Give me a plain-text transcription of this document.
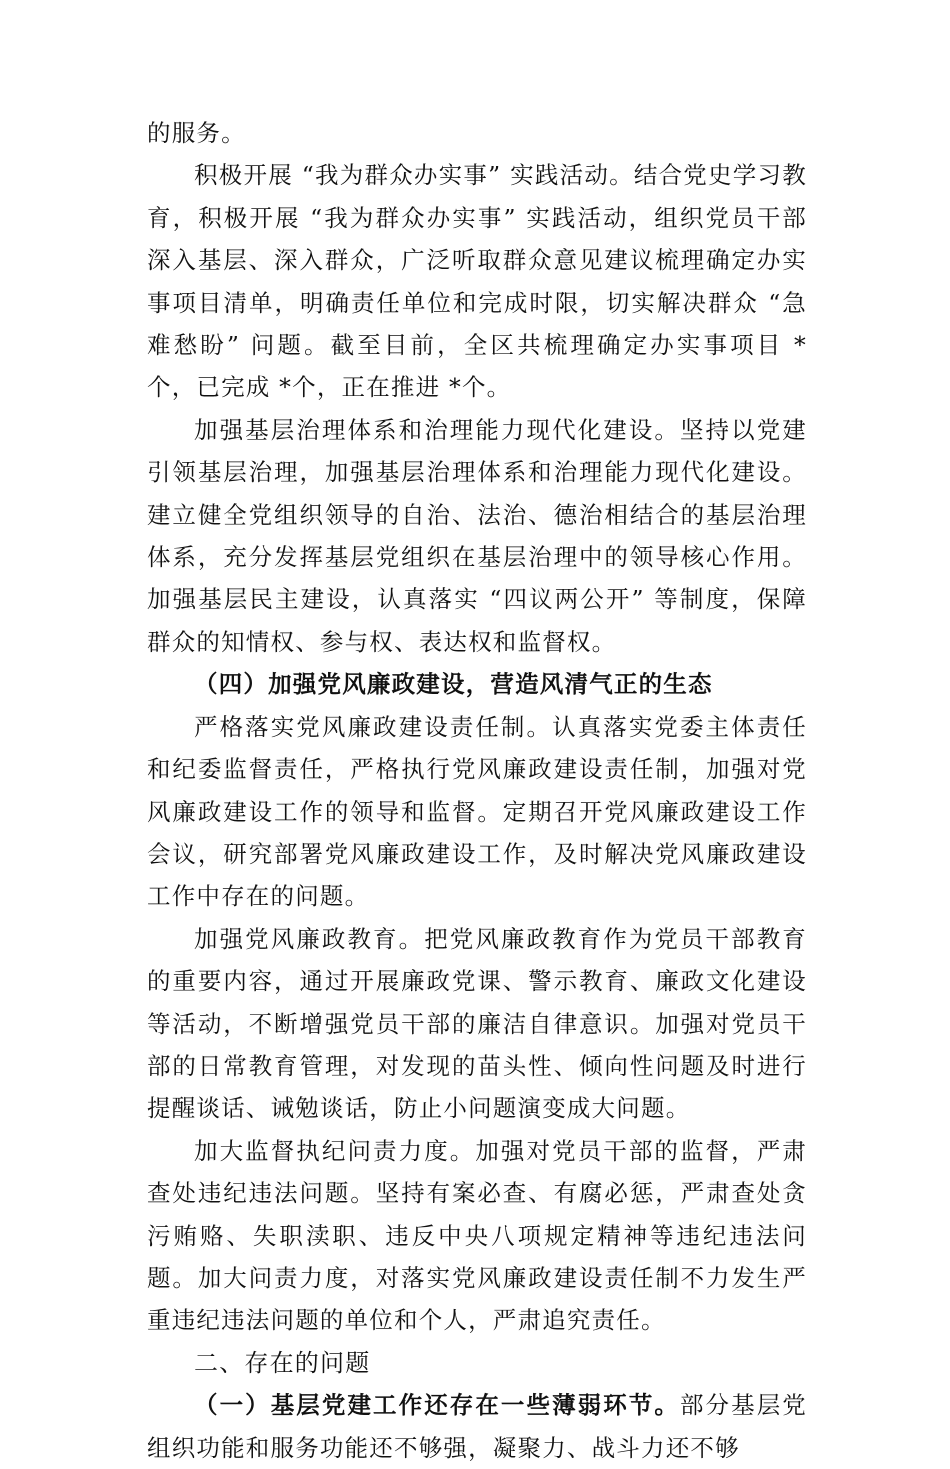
的服务。

积极开展 “我为群众办实事” 实践活动。结合党史学习教育，积极开展 “我为群众办实事” 实践活动，组织党员干部深入基层、深入群众，广泛听取群众意见建议梳理确定办实事项目清单，明确责任单位和完成时限，切实解决群众 “急难愁盼” 问题。截至目前，全区共梳理确定办实事项目 *个，已完成 *个，正在推进 *个。

加强基层治理体系和治理能力现代化建设。坚持以党建引领基层治理，加强基层治理体系和治理能力现代化建设。建立健全党组织领导的自治、法治、德治相结合的基层治理体系，充分发挥基层党组织在基层治理中的领导核心作用。加强基层民主建设，认真落实 “四议两公开” 等制度，保障群众的知情权、参与权、表达权和监督权。

（四）加强党风廉政建设，营造风清气正的生态

严格落实党风廉政建设责任制。认真落实党委主体责任和纪委监督责任，严格执行党风廉政建设责任制，加强对党风廉政建设工作的领导和监督。定期召开党风廉政建设工作会议，研究部署党风廉政建设工作，及时解决党风廉政建设工作中存在的问题。

加强党风廉政教育。把党风廉政教育作为党员干部教育的重要内容，通过开展廉政党课、警示教育、廉政文化建设等活动，不断增强党员干部的廉洁自律意识。加强对党员干部的日常教育管理，对发现的苗头性、倾向性问题及时进行提醒谈话、诫勉谈话，防止小问题演变成大问题。

加大监督执纪问责力度。加强对党员干部的监督，严肃查处违纪违法问题。坚持有案必查、有腐必惩，严肃查处贪污贿赂、失职渎职、违反中央八项规定精神等违纪违法问题。加大问责力度，对落实党风廉政建设责任制不力发生严重违纪违法问题的单位和个人，严肃追究责任。

二、存在的问题

（一）基层党建工作还存在一些薄弱环节。部分基层党组织功能和服务功能还不够强，凝聚力、战斗力还不够
